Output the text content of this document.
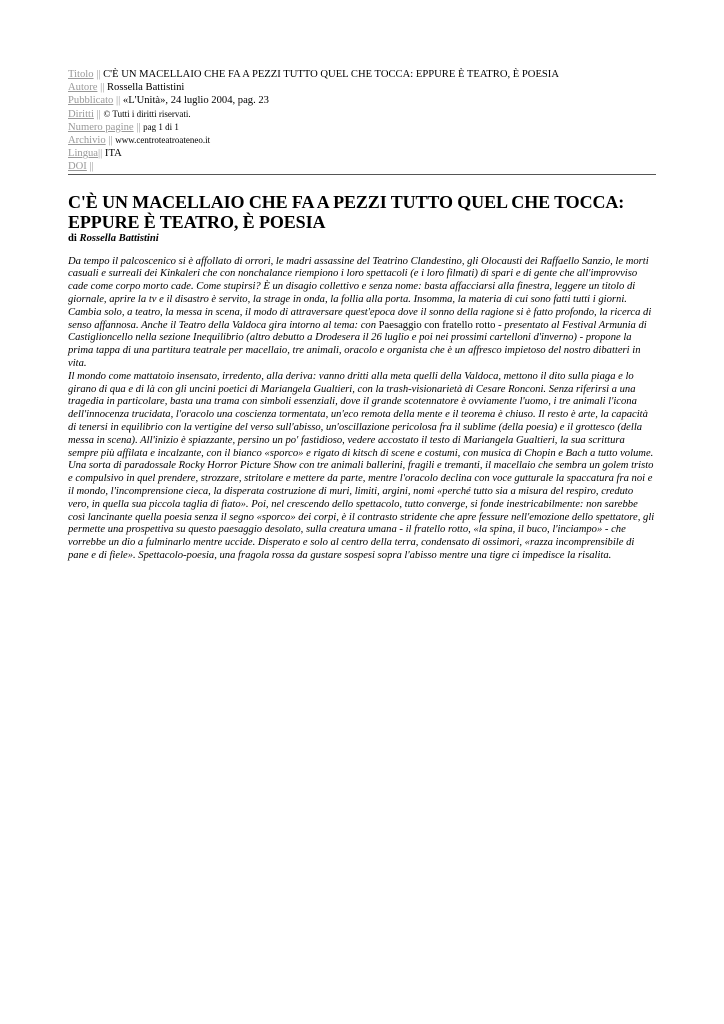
Titolo || C'È UN MACELLAIO CHE FA A PEZZI TUTTO QUEL CHE TOCCA: EPPURE È TEATRO, È POESIA
Autore || Rossella Battistini
Pubblicato || «L'Unità», 24 luglio 2004, pag. 23
Diritti || © Tutti i diritti riservati.
Numero pagine || pag 1 di 1
Archivio || www.centroteatroateneo.it
Lingua|| ITA
DOI ||
C'È UN MACELLAIO CHE FA A PEZZI TUTTO QUEL CHE TOCCA: EPPURE È TEATRO, È POESIA
di Rossella Battistini

Da tempo il palcoscenico si è affollato di orrori, le madri assassine del Teatrino Clandestino, gli Olocausti dei Raffaello Sanzio, le morti casuali e surreali dei Kinkaleri che con nonchalance riempiono i loro spettacoli (e i loro filmati) di spari e di gente che all'improvviso cade come corpo morto cade. Come stupirsi? È un disagio collettivo e senza nome: basta affacciarsi alla finestra, leggere un titolo di giornale, aprire la tv e il disastro è servito, la strage in onda, la follia alla porta. Insomma, la materia di cui sono fatti tutti i giorni. Cambia solo, a teatro, la messa in scena, il modo di attraversare quest'epoca dove il sonno della ragione si è fatto profondo, la ricerca di senso affannosa. Anche il Teatro della Valdoca gira intorno al tema: con Paesaggio con fratello rotto - presentato al Festival Armunia di Castiglioncello nella sezione Inequilibrio (altro debutto a Drodesera il 26 luglio e poi nei prossimi cartelloni d'inverno) - propone la prima tappa di una partitura teatrale per macellaio, tre animali, oracolo e organista che è un affresco impietoso del nostro dibatteri in vita.

Il mondo come mattatoio insensato, irredento, alla deriva: vanno dritti alla meta quelli della Valdoca, mettono il dito sulla piaga e lo girano di qua e di là con gli uncini poetici di Mariangela Gualtieri, con la trash-visionarietà di Cesare Ronconi. Senza riferirsi a una tragedia in particolare, basta una trama con simboli essenziali, dove il grande scotennatore è ovviamente l'uomo, i tre animali l'icona dell'innocenza trucidata, l'oracolo una coscienza tormentata, un'eco remota della mente e il teorema è chiuso. Il resto è arte, la capacità di tenersi in equilibrio con la vertigine del verso sull'abisso, un'oscillazione pericolosa fra il sublime (della poesia) e il grottesco (della messa in scena). All'inizio è spiazzante, persino un po' fastidioso, vedere accostato il testo di Mariangela Gualtieri, la sua scrittura sempre più affilata e incalzante, con il bianco «sporco» e rigato di kitsch di scene e costumi, con musica di Chopin e Bach a tutto volume. Una sorta di paradossale Rocky Horror Picture Show con tre animali ballerini, fragili e tremanti, il macellaio che sembra un golem tristo e compulsivo in quel prendere, strozzare, stritolare e mettere da parte, mentre l'oracolo declina con voce gutturale la spaccatura fra noi e il mondo, l'incomprensione cieca, la disperata costruzione di muri, limiti, argini, nomi «perché tutto sia a misura del respiro, creduto vero, in quella sua piccola taglia di fiato». Poi, nel crescendo dello spettacolo, tutto converge, si fonde inestricabilmente: non sarebbe così lancinante quella poesia senza il segno «sporco» dei corpi, è il contrasto stridente che apre fessure nell'emozione dello spettatore, gli permette una prospettiva su questo paesaggio desolato, sulla creatura umana - il fratello rotto, «la spina, il buco, l'inciampo» - che vorrebbe un dio a fulminarlo mentre uccide. Disperato e solo al centro della terra, condensato di ossimori, «razza incomprensibile di pane e di fiele». Spettacolo-poesia, una fragola rossa da gustare sospesi sopra l'abisso mentre una tigre ci impedisce la risalita.
